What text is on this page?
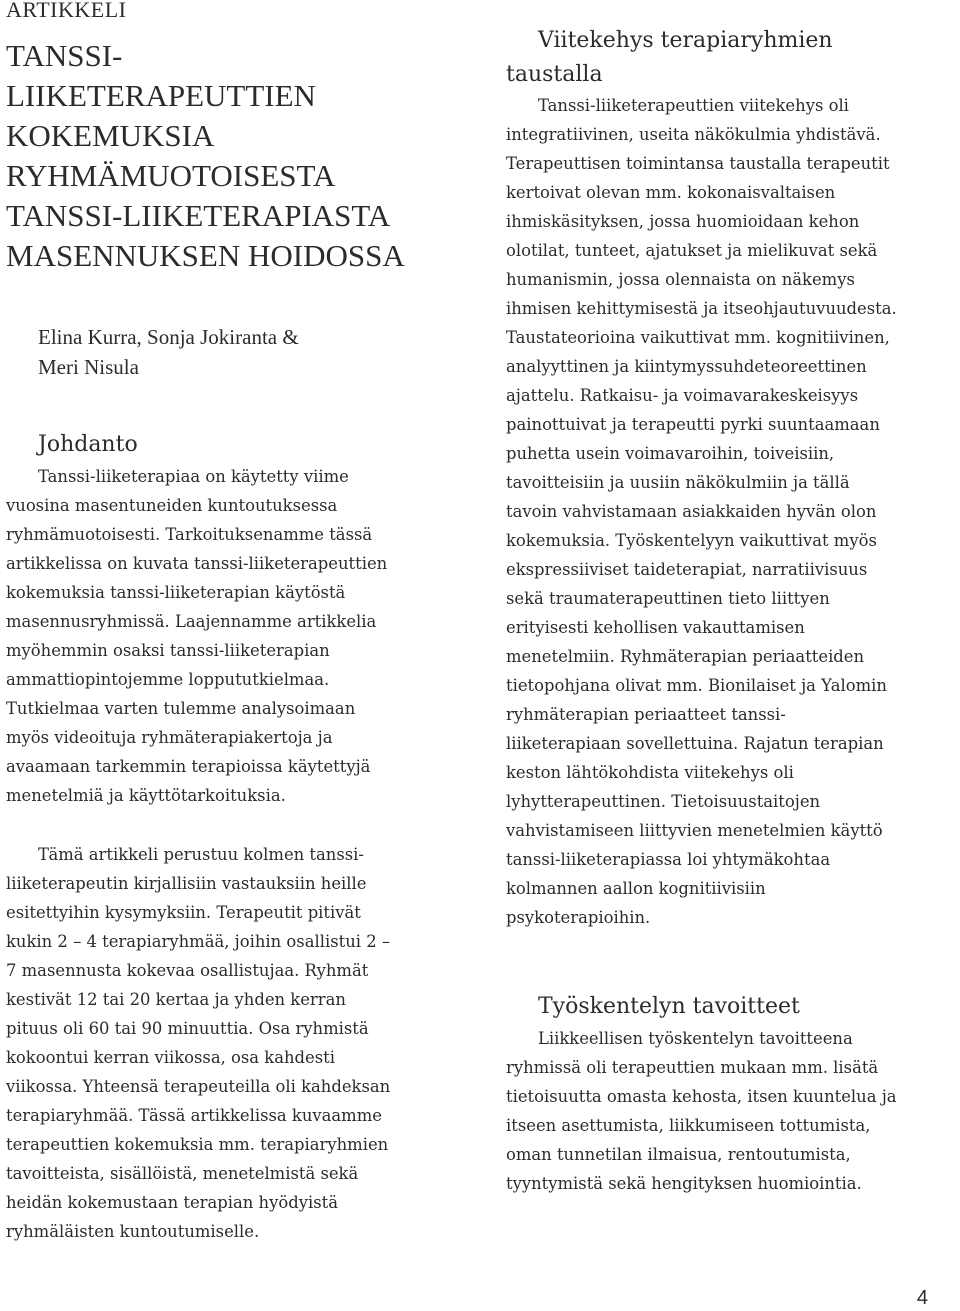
ARTIKKELI
TANSSI-
LIIKETERAPEUTTIEN
KOKEMUKSIA
RYHMÄMUOTOISESTA
TANSSI-LIIKETERAPIASTA
MASENNUKSEN HOIDOSSA
Elina Kurra, Sonja Jokiranta &
Meri Nisula
Johdanto
Tanssi-liiketerapiaa on käytetty viime
vuosina masentuneiden kuntoutuksessa
ryhmämuotoisesti. Tarkoituksenamme tässä
artikkelissa on kuvata tanssi-liiketerapeuttien
kokemuksia tanssi-liiketerapian käytöstä
masennusryhmissä. Laajennamme artikkelia
myöhemmin osaksi tanssi-liiketerapian
ammattiopintojemme loppututkielmaa.
Tutkielmaa varten tulemme analysoimaan
myös videoituja ryhmäterapiakertoja ja
avaamaan tarkemmin terapioissa käytettyjä
menetelmiä ja käyttötarkoituksia.
Tämä artikkeli perustuu kolmen tanssi-
liiketerapeutin kirjallisiin vastauksiin heille
esitettyihin kysymyksiin. Terapeutit pitivät
kukin 2 – 4 terapiaryhmää, joihin osallistui 2 –
7 masennusta kokevaa osallistujaa. Ryhmät
kestivät 12 tai 20 kertaa ja yhden kerran
pituus oli 60 tai 90 minuuttia. Osa ryhmistä
kokoontui kerran viikossa, osa kahdesti
viikossa. Yhteensä terapeuteilla oli kahdeksan
terapiaryhmää. Tässä artikkelissa kuvaamme
terapeuttien kokemuksia mm. terapiaryhmien
tavoitteista, sisällöistä, menetelmistä sekä
heidän kokemustaan terapian hyödyistä
ryhmäläisten kuntoutumiselle.
Viitekehys terapiaryhmien
taustalla
Tanssi-liiketerapeuttien viitekehys oli
integratiivinen, useita näkökulmia yhdistävä.
Terapeuttisen toimintansa taustalla terapeutit
kertoivat olevan mm. kokonaisvaltaisen
ihmiskäsityksen, jossa huomioidaan kehon
olotilat, tunteet, ajatukset ja mielikuvat sekä
humanismin, jossa olennaista on näkemys
ihmisen kehittymisestä ja itseohjautuvuudesta.
Taustateorioina vaikuttivat mm. kognitiivinen,
analyyttinen ja kiintymyssuhdeteoreettinen
ajattelu. Ratkaisu- ja voimavarakeskeisyys
painottuivat ja terapeutti pyrki suuntaamaan
puhetta usein voimavaroihin, toiveisiin,
tavoitteisiin ja uusiin näkökulmiin ja tällä
tavoin vahvistamaan asiakkaiden hyvän olon
kokemuksia. Työskentelyyn vaikuttivat myös
ekspressiiviset taideterapiat, narratiivisuus
sekä traumaterapeuttinen tieto liittyen
erityisesti kehollisen vakauttamisen
menetelmiin. Ryhmäterapian periaatteiden
tietopohjana olivat mm. Bionilaiset ja Yalomin
ryhmäterapian periaatteet tanssi-
liiketerapiaan sovellettuina. Rajatun terapian
keston lähtökohdista viitekehys oli
lyhytterapeuttinen. Tietoisuustaitojen
vahvistamiseen liittyvien menetelmien käyttö
tanssi-liiketerapiassa loi yhtymäkohtaa
kolmannen aallon kognitiivisiin
psykoterapioihin.
Työskentelyn tavoitteet
Liikkeellisen työskentelyn tavoitteena
ryhmissä oli terapeuttien mukaan mm. lisätä
tietoisuutta omasta kehosta, itsen kuuntelua ja
itseen asettumista, liikkumiseen tottumista,
oman tunnetilan ilmaisua, rentoutumista,
tyyntymistä sekä hengityksen huomiointia.
4
